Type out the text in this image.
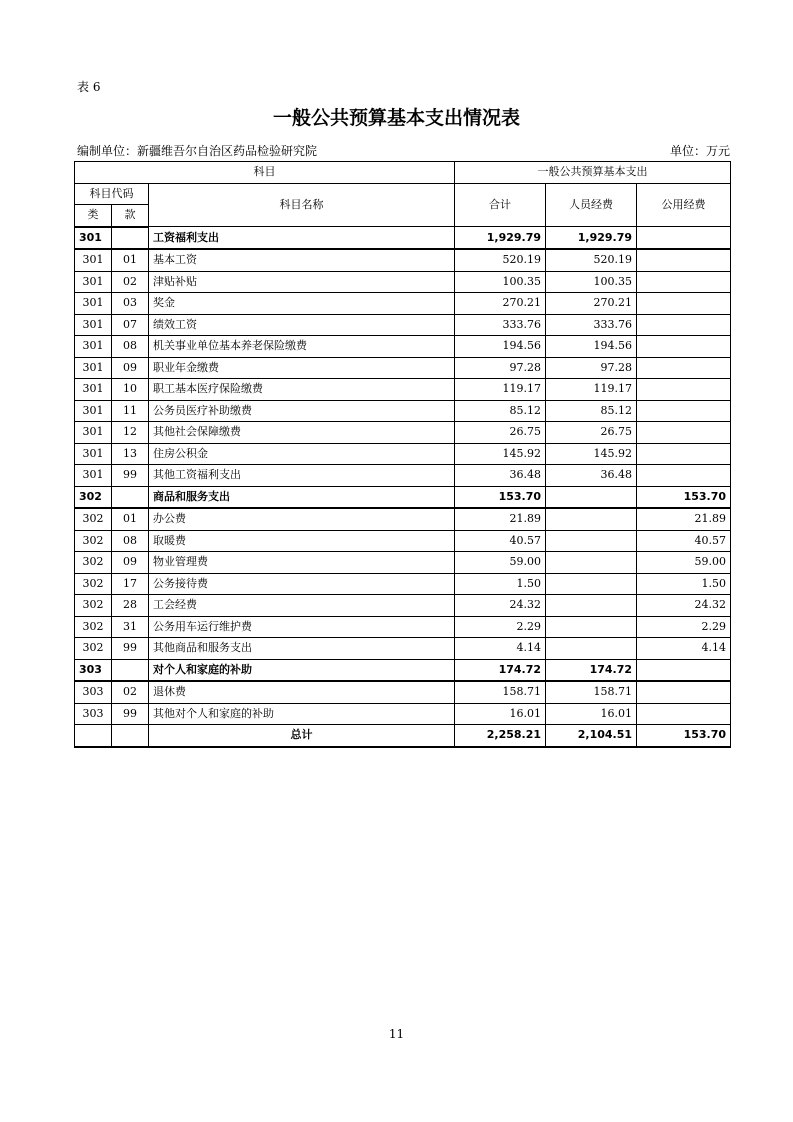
表 6
一般公共预算基本支出情况表
编制单位：新疆维吾尔自治区药品检验研究院	单位：万元
科目			一般公共预算基本支出		
科目代码		科目名称	合计	人员经费	公用经费
类	款				
301		工资福利支出	1,929.79	1,929.79	
301	01	基本工资	520.19	520.19	
301	02	津贴补贴	100.35	100.35	
301	03	奖金	270.21	270.21	
301	07	绩效工资	333.76	333.76	
301	08	机关事业单位基本养老保险缴费	194.56	194.56	
301	09	职业年金缴费	97.28	97.28	
301	10	职工基本医疗保险缴费	119.17	119.17	
301	11	公务员医疗补助缴费	85.12	85.12	
301	12	其他社会保障缴费	26.75	26.75	
301	13	住房公积金	145.92	145.92	
301	99	其他工资福利支出	36.48	36.48	
302		商品和服务支出	153.70		153.70
302	01	办公费	21.89		21.89
302	08	取暖费	40.57		40.57
302	09	物业管理费	59.00		59.00
302	17	公务接待费	1.50		1.50
302	28	工会经费	24.32		24.32
302	31	公务用车运行维护费	2.29		2.29
302	99	其他商品和服务支出	4.14		4.14
303		对个人和家庭的补助	174.72	174.72	
303	02	退休费	158.71	158.71	
303	99	其他对个人和家庭的补助	16.01	16.01	
		总计	2,258.21	2,104.51	153.70
11
